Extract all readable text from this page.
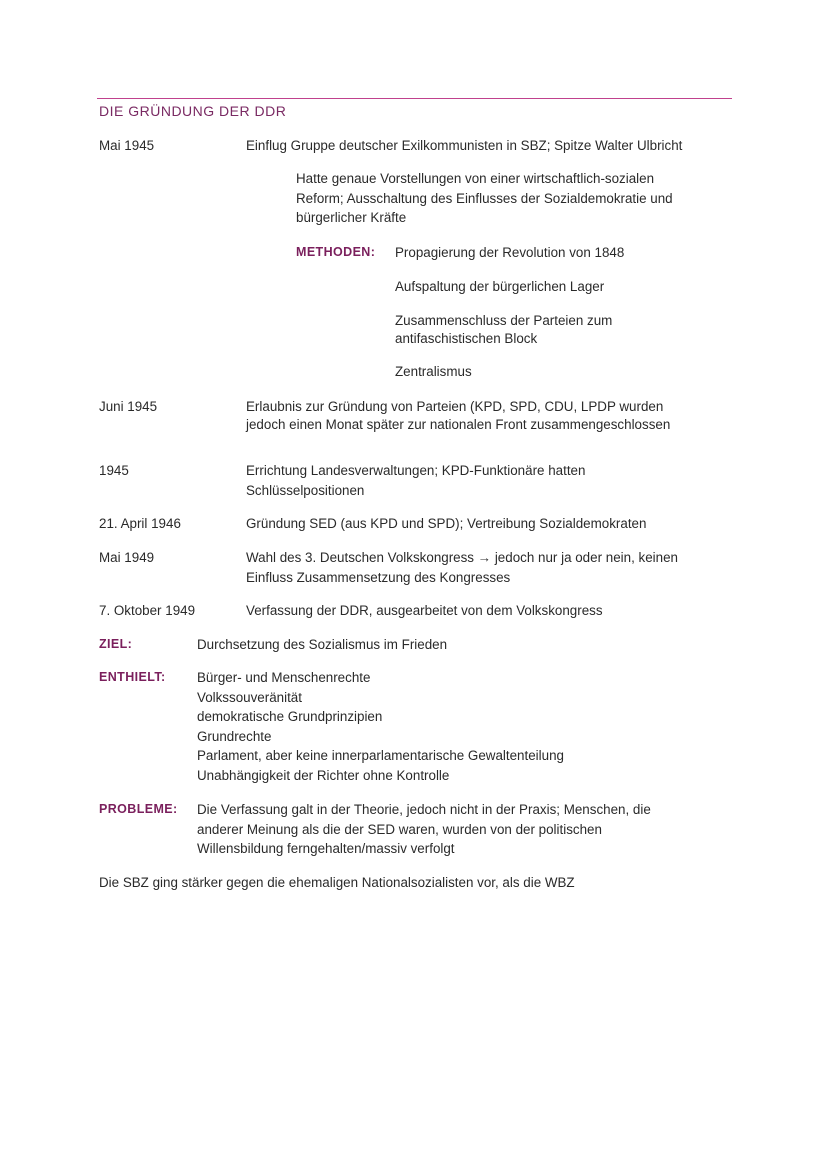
DIE GRÜNDUNG DER DDR
Mai 1945	Einflug Gruppe deutscher Exilkommunisten in SBZ; Spitze Walter Ulbricht
Hatte genaue Vorstellungen von einer wirtschaftlich-sozialen
Reform; Ausschaltung des Einflusses der Sozialdemokratie und
bürgerlicher Kräfte
METHODEN: Propagierung der Revolution von 1848
Aufspaltung der bürgerlichen Lager
Zusammenschluss der Parteien zum
antifaschistischen Block
Zentralismus
Juni 1945	Erlaubnis zur Gründung von Parteien (KPD, SPD, CDU, LPDP wurden
jedoch einen Monat später zur nationalen Front zusammengeschlossen
1945	Errichtung Landesverwaltungen; KPD-Funktionäre hatten
Schlüsselpositionen
21. April 1946	Gründung SED (aus KPD und SPD); Vertreibung Sozialdemokraten
Mai 1949	Wahl des 3. Deutschen Volkskongress → jedoch nur ja oder nein, keinen
Einfluss Zusammensetzung des Kongresses
7. Oktober 1949	Verfassung der DDR, ausgearbeitet von dem Volkskongress
ZIEL:	Durchsetzung des Sozialismus im Frieden
ENTHIELT: Bürger- und Menschenrechte
Volkssouveränität
demokratische Grundprinzipien
Grundrechte
Parlament, aber keine innerparlamentarische Gewaltenteilung
Unabhängigkeit der Richter ohne Kontrolle
PROBLEME: Die Verfassung galt in der Theorie, jedoch nicht in der Praxis; Menschen, die
anderer Meinung als die der SED waren, wurden von der politischen
Willensbildung ferngehalten/massiv verfolgt
Die SBZ ging stärker gegen die ehemaligen Nationalsozialisten vor, als die WBZ
